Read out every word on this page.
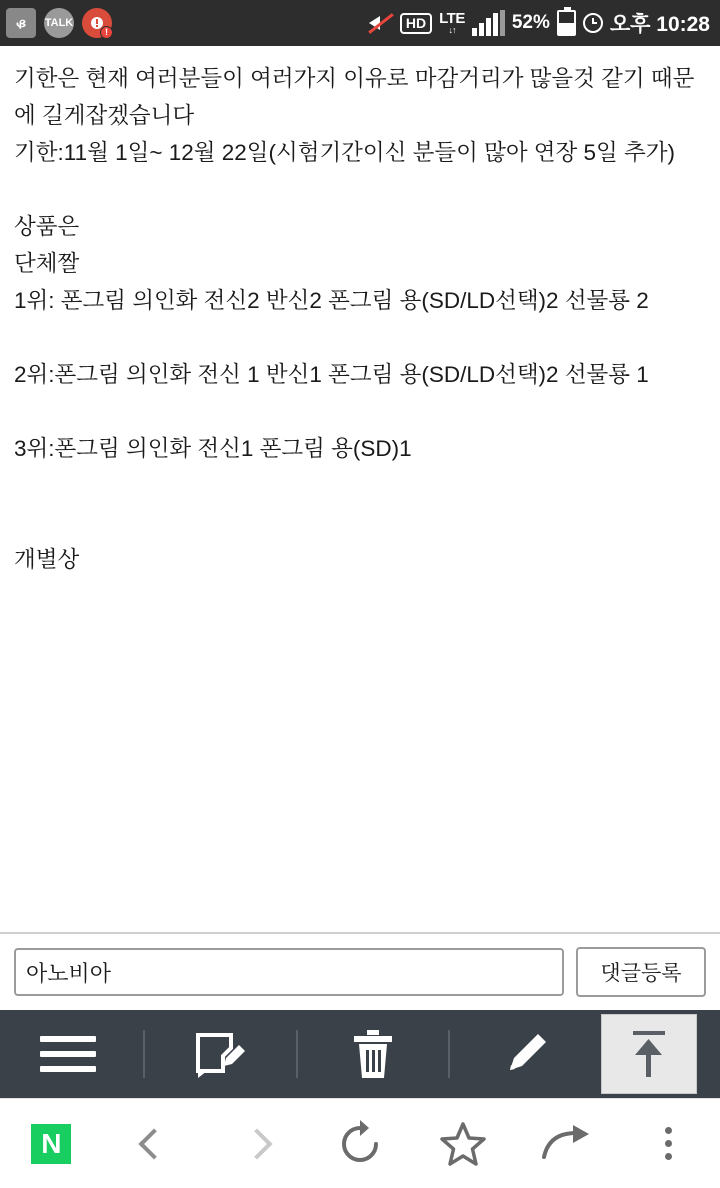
ᏸ	TALK
!
HD LTE
↓↑	52%	오후 10:28
기한은 현재 여러분들이 여러가지 이유로 마감거리가 많을것 같기 때문에 길게잡겠습니다
기한:11월 1일~ 12월 22일(시험기간이신 분들이 많아 연장 5일 추가)
상품은
단체짤
1위: 폰그림 의인화 전신2 반신2 폰그림 용(SD/LD선택)2 선물룡 2
2위:폰그림 의인화 전신 1 반신1 폰그림 용(SD/LD선택)2 선물룡 1
3위:폰그림 의인화 전신1 폰그림 용(SD)1
개별상
아노비아
댓글등록
N
